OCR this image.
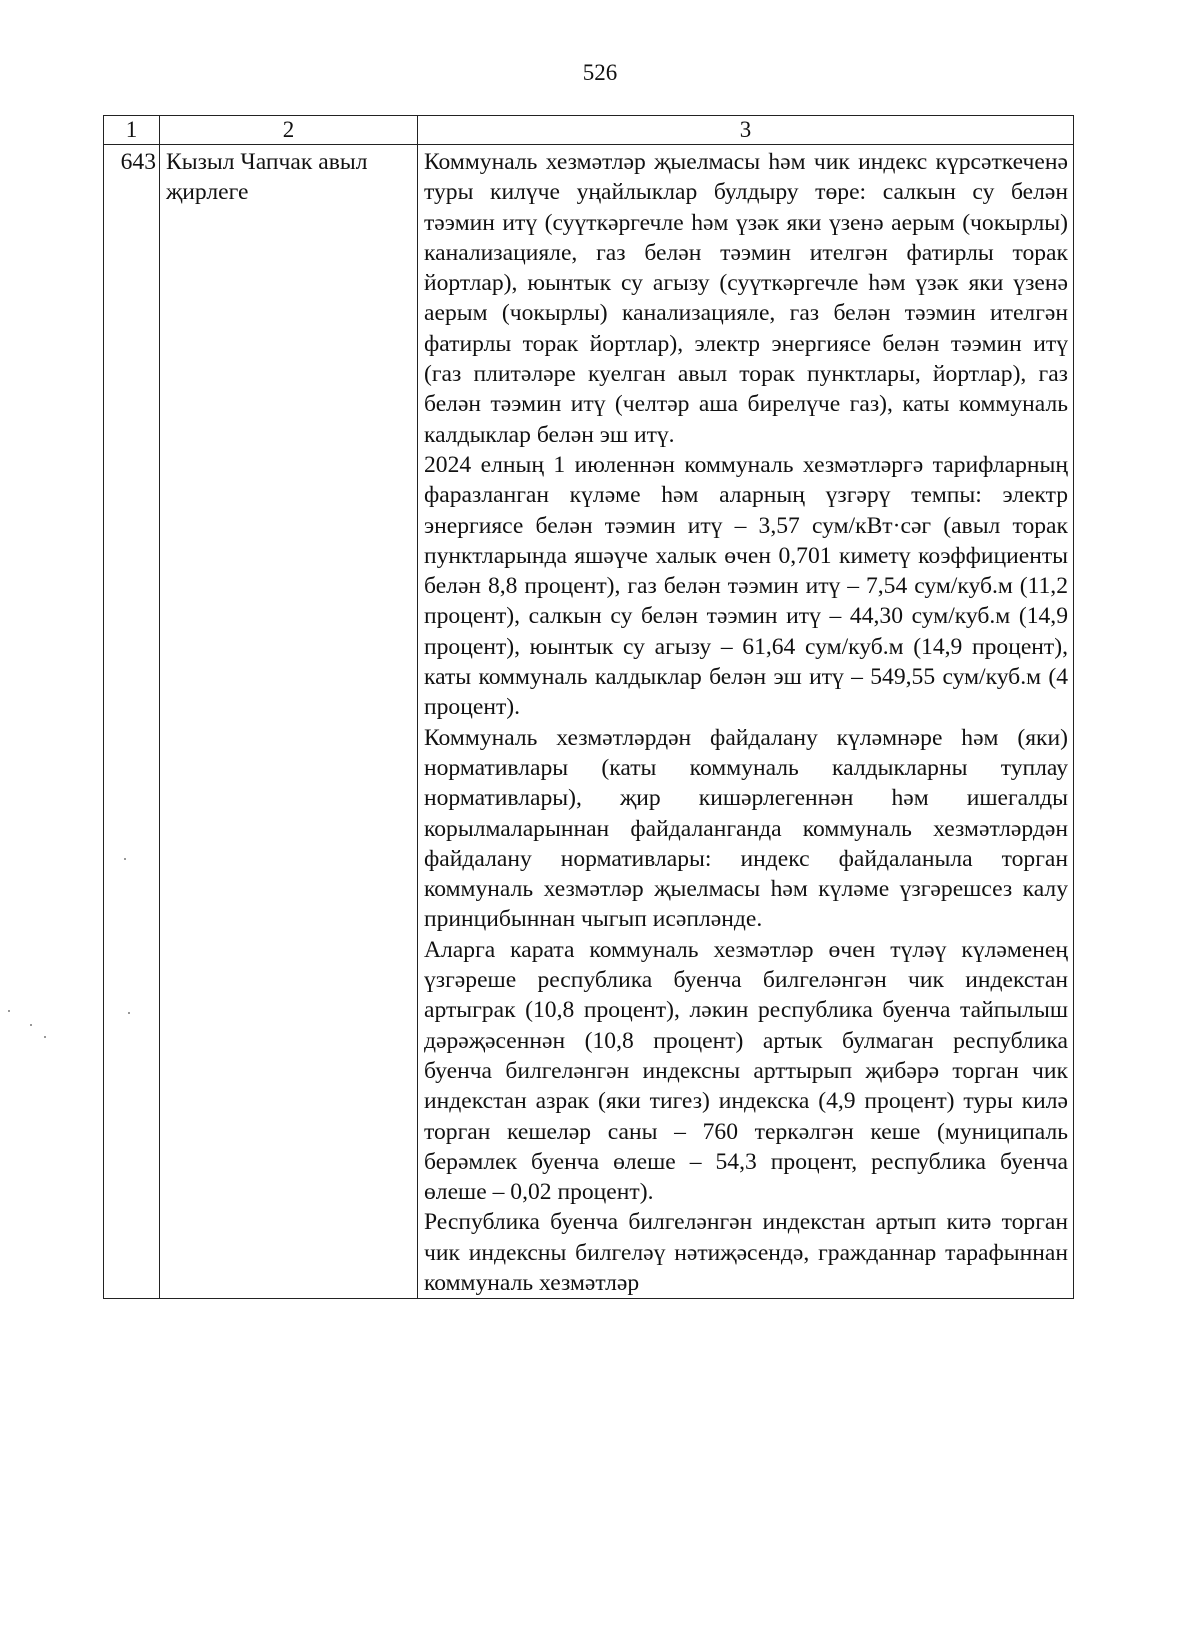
526
1	2	3
643	Кызыл Чапчак авыл җирлеге	Коммуналь хезмәтләр җыелмасы һәм чик индекс күрсәткеченә туры килүче уңайлыклар булдыру төре: салкын су белән тәэмин итү (суүткәргечле һәм үзәк яки үзенә аерым (чокырлы) канализацияле, газ белән тәэмин ителгән фатирлы торак йортлар), юынтык су агызу (суүткәргечле һәм үзәк яки үзенә аерым (чокырлы) канализацияле, газ белән тәэмин ителгән фатирлы торак йортлар), электр энергиясе белән тәэмин итү (газ плитәләре куелган авыл торак пунктлары, йортлар), газ белән тәэмин итү (челтәр аша бирелүче газ), каты коммуналь калдыклар белән эш итү.

2024 елның 1 июленнән коммуналь хезмәтләргә тарифларның фаразланган күләме һәм аларның үзгәрү темпы: электр энергиясе белән тәэмин итү – 3,57 сум/кВт·сәг (авыл торак пунктларында яшәүче халык өчен 0,701 киметү коэффициенты белән 8,8 процент), газ белән тәэмин итү – 7,54 сум/куб.м (11,2 процент), салкын су белән тәэмин итү – 44,30 сум/куб.м (14,9 процент), юынтык су агызу – 61,64 сум/куб.м (14,9 процент), каты коммуналь калдыклар белән эш итү – 549,55 сум/куб.м (4 процент).

Коммуналь хезмәтләрдән файдалану күләмнәре һәм (яки) нормативлары (каты коммуналь калдыкларны туплау нормативлары), җир кишәрлегеннән һәм ишегалды корылмаларыннан файдаланганда коммуналь хезмәтләрдән файдалану нормативлары: индекс файдаланыла торган коммуналь хезмәтләр җыелмасы һәм күләме үзгәрешсез калу принцибыннан чыгып исәпләнде.

Аларга карата коммуналь хезмәтләр өчен түләү күләменең үзгәреше республика буенча билгеләнгән чик индекстан артыграк (10,8 процент), ләкин республика буенча тайпылыш дәрәҗәсеннән (10,8 процент) артык булмаган республика буенча билгеләнгән индексны арттырып җибәрә торган чик индекстан азрак (яки тигез) индекска (4,9 процент) туры килә торган кешеләр саны – 760 теркәлгән кеше (муниципаль берәмлек буенча өлеше – 54,3 процент, республика буенча өлеше – 0,02 процент).

Республика буенча билгеләнгән индекстан артып китә торган чик индексны билгеләү нәтиҗәсендә, гражданнар тарафыннан коммуналь хезмәтләр
